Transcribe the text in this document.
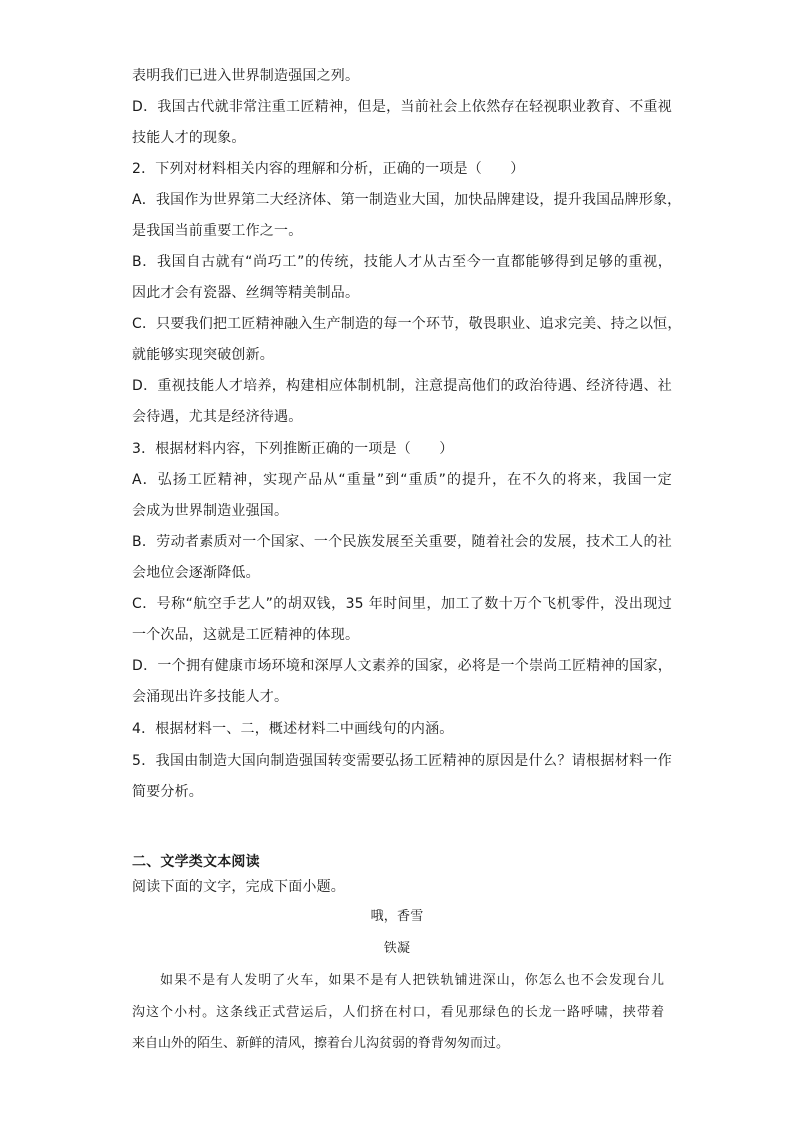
表明我们已进入世界制造强国之列。
D．我国古代就非常注重工匠精神，但是，当前社会上依然存在轻视职业教育、不重视
技能人才的现象。
2．下列对材料相关内容的理解和分析，正确的一项是（　　）
A．我国作为世界第二大经济体、第一制造业大国，加快品牌建设，提升我国品牌形象，
是我国当前重要工作之一。
B．我国自古就有“尚巧工”的传统，技能人才从古至今一直都能够得到足够的重视，
因此才会有瓷器、丝绸等精美制品。
C．只要我们把工匠精神融入生产制造的每一个环节，敬畏职业、追求完美、持之以恒，
就能够实现突破创新。
D．重视技能人才培养，构建相应体制机制，注意提高他们的政治待遇、经济待遇、社
会待遇，尤其是经济待遇。
3．根据材料内容，下列推断正确的一项是（　　）
A．弘扬工匠精神，实现产品从“重量”到“重质”的提升，在不久的将来，我国一定
会成为世界制造业强国。
B．劳动者素质对一个国家、一个民族发展至关重要，随着社会的发展，技术工人的社
会地位会逐渐降低。
C．号称“航空手艺人”的胡双钱，35 年时间里，加工了数十万个飞机零件，没出现过
一个次品，这就是工匠精神的体现。
D．一个拥有健康市场环境和深厚人文素养的国家，必将是一个崇尚工匠精神的国家，
会涌现出许多技能人才。
4．根据材料一、二，概述材料二中画线句的内涵。
5．我国由制造大国向制造强国转变需要弘扬工匠精神的原因是什么？请根据材料一作
简要分析。
二、文学类文本阅读
阅读下面的文字，完成下面小题。
哦，香雪
铁凝
　　如果不是有人发明了火车，如果不是有人把铁轨铺进深山，你怎么也不会发现台儿
沟这个小村。这条线正式营运后，人们挤在村口，看见那绿色的长龙一路呼啸，挟带着
来自山外的陌生、新鲜的清风，擦着台儿沟贫弱的脊背匆匆而过。
